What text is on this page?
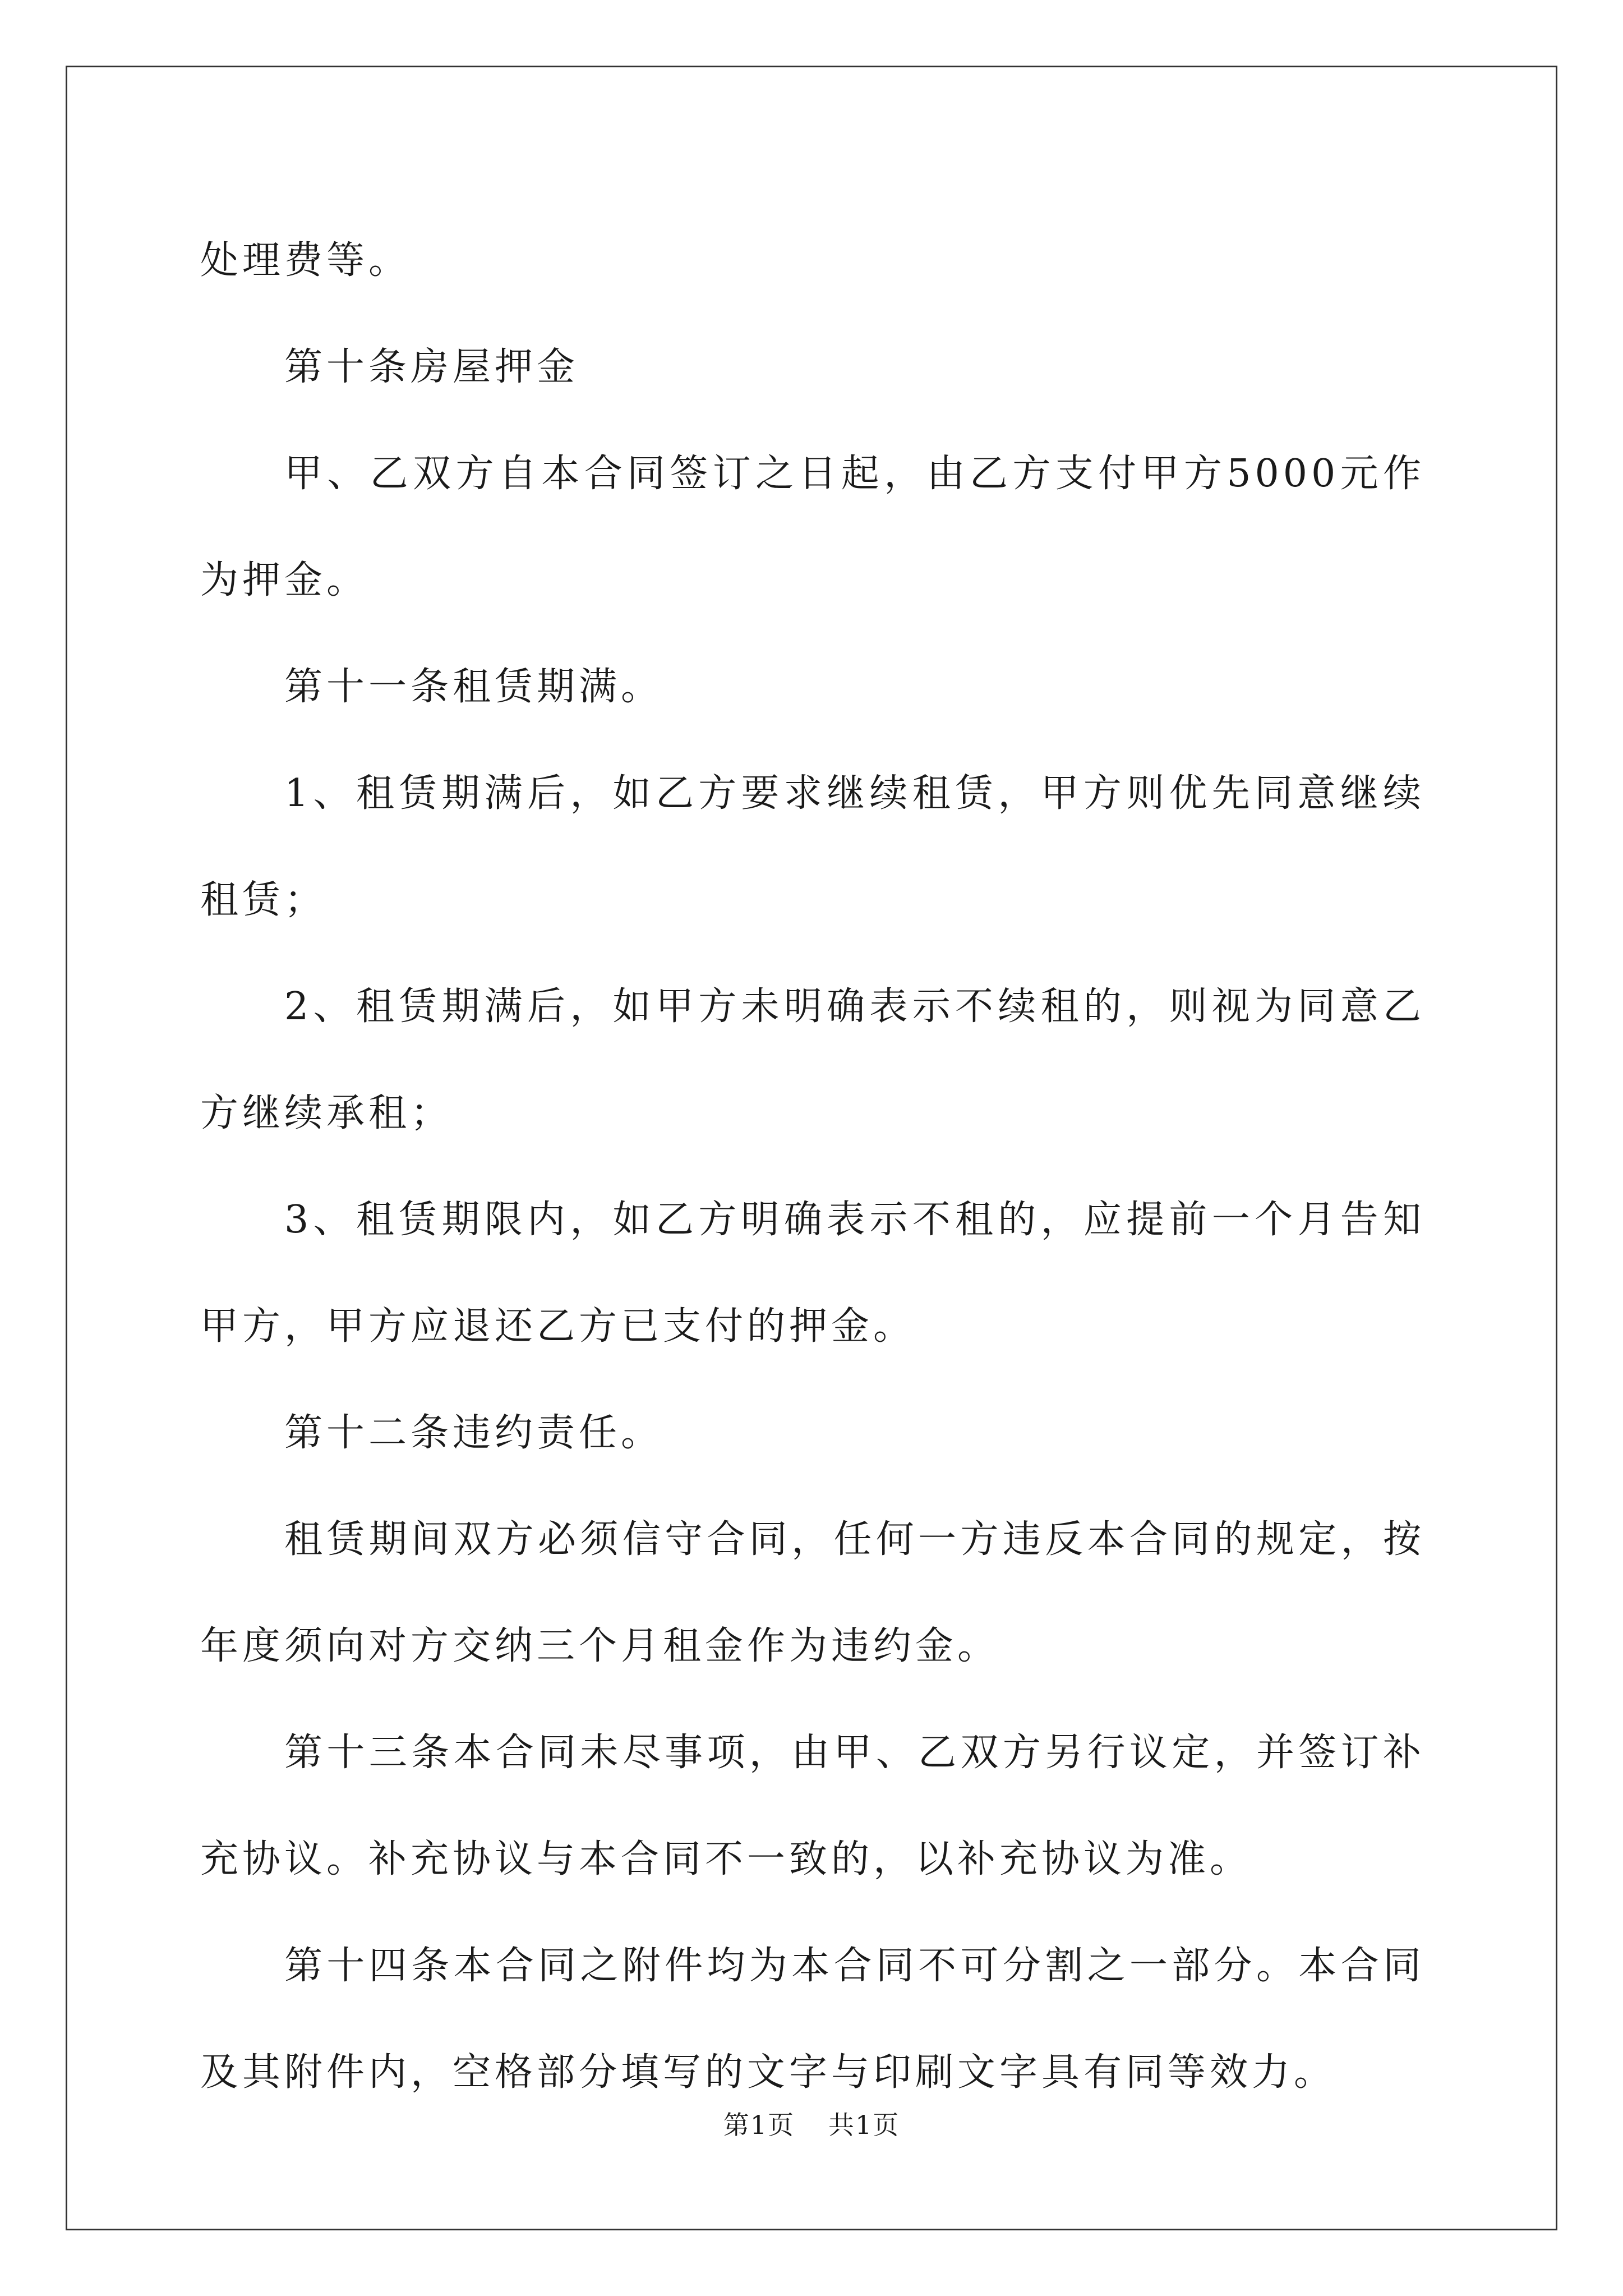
处理费等。

第十条房屋押金

甲、乙双方自本合同签订之日起，由乙方支付甲方5000元作为押金。

第十一条租赁期满。

1、租赁期满后，如乙方要求继续租赁，甲方则优先同意继续租赁；

2、租赁期满后，如甲方未明确表示不续租的，则视为同意乙方继续承租；

3、租赁期限内，如乙方明确表示不租的，应提前一个月告知甲方，甲方应退还乙方已支付的押金。

第十二条违约责任。

租赁期间双方必须信守合同，任何一方违反本合同的规定，按年度须向对方交纳三个月租金作为违约金。

第十三条本合同未尽事项，由甲、乙双方另行议定，并签订补充协议。补充协议与本合同不一致的，以补充协议为准。

第十四条本合同之附件均为本合同不可分割之一部分。本合同及其附件内，空格部分填写的文字与印刷文字具有同等效力。

第1页 共1页
